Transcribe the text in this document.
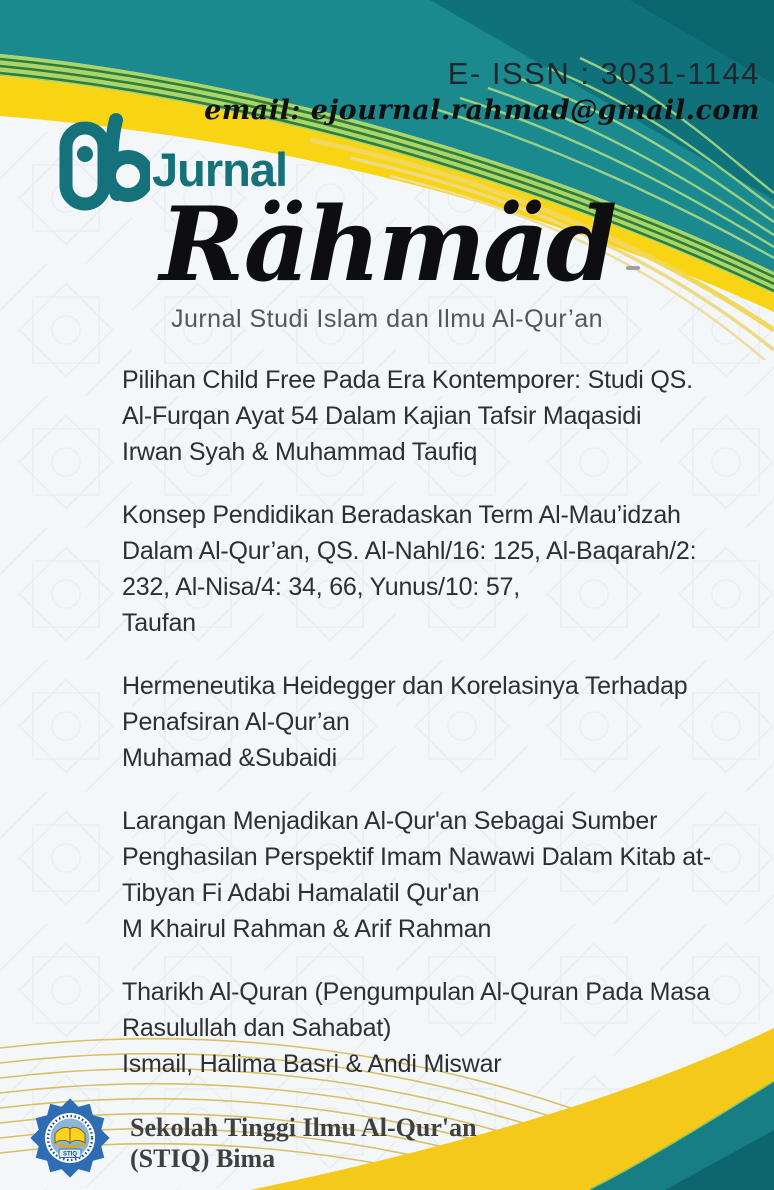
E- ISSN : 3031-1144
email: ejournal.rahmad@gmail.com
Jurnal
Rähmäd
Jurnal Studi Islam dan Ilmu Al-Qur’an
Pilihan Child Free Pada Era Kontemporer: Studi QS. Al-Furqan Ayat 54 Dalam Kajian Tafsir Maqasidi
Irwan Syah & Muhammad Taufiq
Konsep Pendidikan Beradaskan Term Al-Mau’idzah Dalam Al-Qur’an, QS. Al-Nahl/16: 125, Al-Baqarah/2: 232, Al-Nisa/4: 34, 66, Yunus/10: 57,
Taufan
Hermeneutika Heidegger dan Korelasinya Terhadap Penafsiran Al-Qur’an
Muhamad &Subaidi
Larangan Menjadikan Al-Qur'an Sebagai Sumber Penghasilan Perspektif Imam Nawawi Dalam Kitab at-Tibyan Fi Adabi Hamalatil Qur'an
M Khairul Rahman & Arif Rahman
Tharikh Al-Quran (Pengumpulan Al-Quran Pada Masa Rasulullah dan Sahabat)
Ismail, Halima Basri & Andi Miswar
STIQ
Sekolah Tinggi Ilmu Al-Qur'an
(STIQ) Bima
